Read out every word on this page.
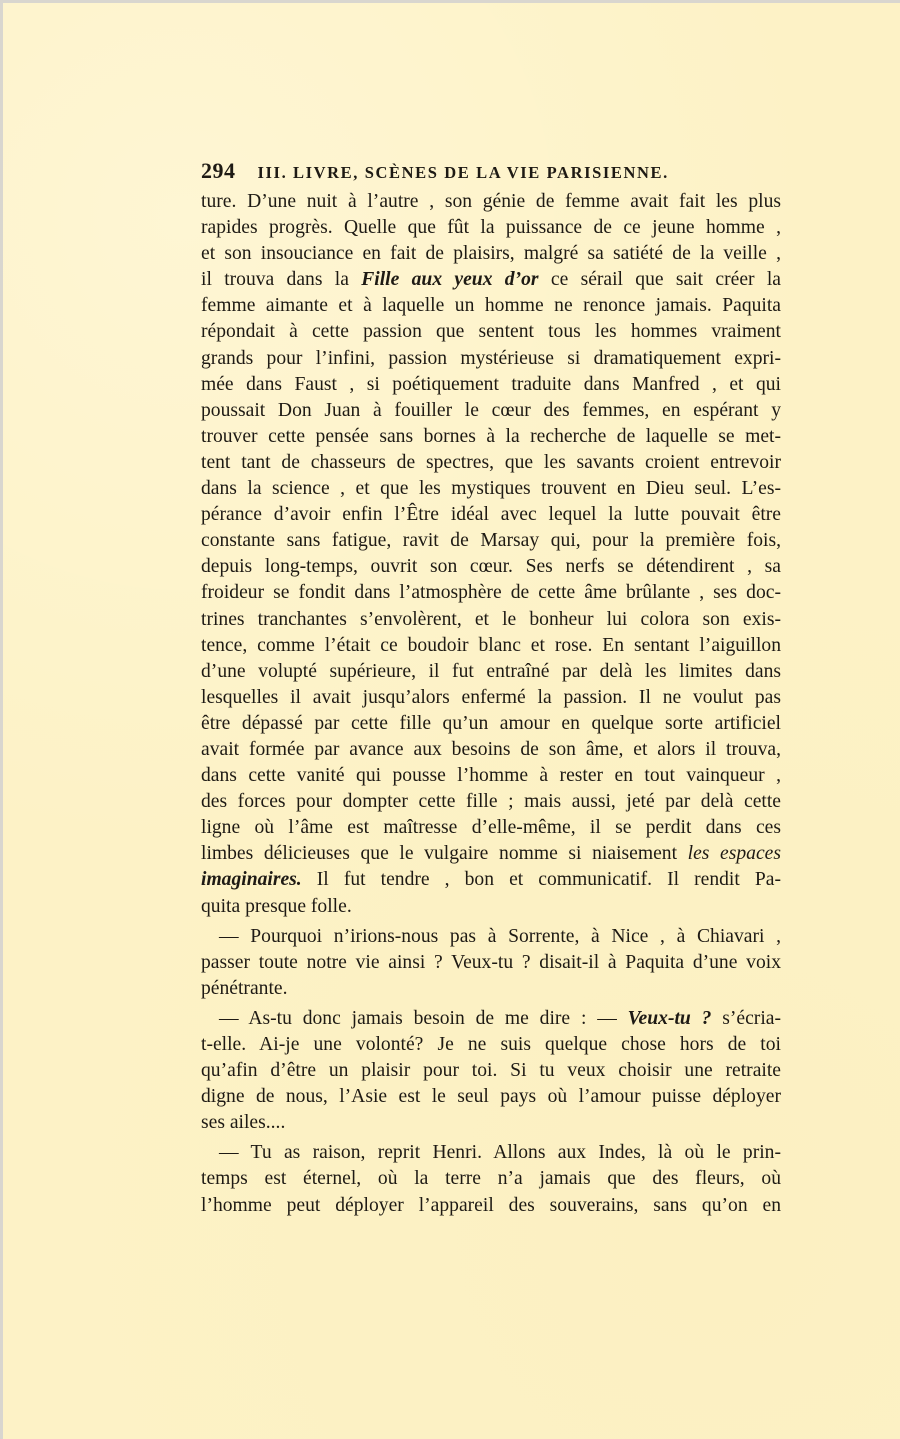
294 III. LIVRE, SCÈNES DE LA VIE PARISIENNE.
ture. D’une nuit à l’autre , son génie de femme avait fait les plus
rapides progrès. Quelle que fût la puissance de ce jeune homme ,
et son insouciance en fait de plaisirs, malgré sa satiété de la veille ,
il trouva dans la Fille aux yeux d’or ce sérail que sait créer la
femme aimante et à laquelle un homme ne renonce jamais. Paquita
répondait à cette passion que sentent tous les hommes vraiment
grands pour l’infini, passion mystérieuse si dramatiquement expri-
mée dans Faust , si poétiquement traduite dans Manfred , et qui
poussait Don Juan à fouiller le cœur des femmes, en espérant y
trouver cette pensée sans bornes à la recherche de laquelle se met-
tent tant de chasseurs de spectres, que les savants croient entrevoir
dans la science , et que les mystiques trouvent en Dieu seul. L’es-
pérance d’avoir enfin l’Être idéal avec lequel la lutte pouvait être
constante sans fatigue, ravit de Marsay qui, pour la première fois,
depuis long-temps, ouvrit son cœur. Ses nerfs se détendirent , sa
froideur se fondit dans l’atmosphère de cette âme brûlante , ses doc-
trines tranchantes s’envolèrent, et le bonheur lui colora son exis-
tence, comme l’était ce boudoir blanc et rose. En sentant l’aiguillon
d’une volupté supérieure, il fut entraîné par delà les limites dans
lesquelles il avait jusqu’alors enfermé la passion. Il ne voulut pas
être dépassé par cette fille qu’un amour en quelque sorte artificiel
avait formée par avance aux besoins de son âme, et alors il trouva,
dans cette vanité qui pousse l’homme à rester en tout vainqueur ,
des forces pour dompter cette fille ; mais aussi, jeté par delà cette
ligne où l’âme est maîtresse d’elle-même, il se perdit dans ces
limbes délicieuses que le vulgaire nomme si niaisement les espaces
imaginaires. Il fut tendre , bon et communicatif. Il rendit Pa-
quita presque folle.
— Pourquoi n’irions-nous pas à Sorrente, à Nice , à Chiavari ,
passer toute notre vie ainsi ? Veux-tu ? disait-il à Paquita d’une voix
pénétrante.
— As-tu donc jamais besoin de me dire : — Veux-tu ? s’écria-
t-elle. Ai-je une volonté? Je ne suis quelque chose hors de toi
qu’afin d’être un plaisir pour toi. Si tu veux choisir une retraite
digne de nous, l’Asie est le seul pays où l’amour puisse déployer
ses ailes....
— Tu as raison, reprit Henri. Allons aux Indes, là où le prin-
temps est éternel, où la terre n’a jamais que des fleurs, où
l’homme peut déployer l’appareil des souverains, sans qu’on en
